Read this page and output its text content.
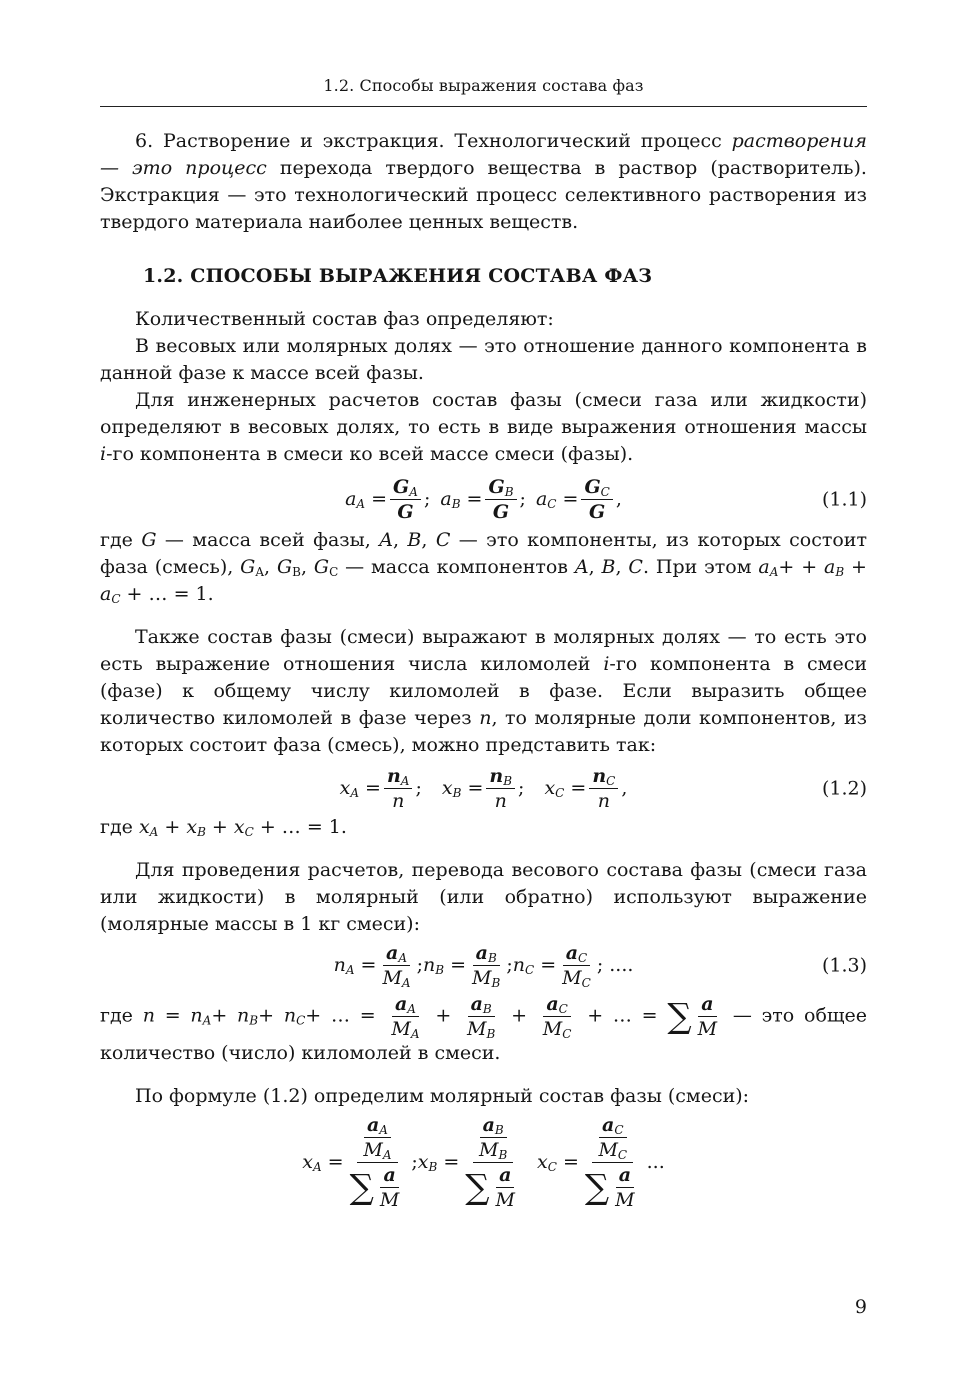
1.2. Способы выражения состава фаз

6. Растворение и экстракция. Технологический процесс растворения — это процесс перехода твердого вещества в раствор (растворитель). Экстракция — это технологический процесс селективного растворения из твердого материала наиболее ценных веществ.

1.2. СПОСОБЫ ВЫРАЖЕНИЯ СОСТАВА ФАЗ

Количественный состав фаз определяют:

В весовых или молярных долях — это отношение данного компонента в данной фазе к массе всей фазы.

Для инженерных расчетов состав фазы (смеси газа или жидкости) определяют в весовых долях, то есть в виде выражения отношения массы i-го компонента в смеси ко всей массе смеси (фазы).

$a_A = \frac{G_A}{G}$ ; $a_B = \frac{G_B}{G}$ ; $a_C = \frac{G_C}{G}$ ,	(1.1)

где G — масса всей фазы, A, B, C — это компоненты, из которых состоит фаза (смесь), $G_A$, $G_B$, $G_C$ — масса компонентов A, B, C. При этом $a_A+ + a_B + a_C$ + … = 1.

Также состав фазы (смеси) выражают в молярных долях — то есть это есть выражение отношения числа киломолей i-го компонента в смеси (фазе) к общему числу киломолей в фазе. Если выразить общее количество киломолей в фазе через n, то молярные доли компонентов, из которых состоит фаза (смесь), можно представить так:

$x_A = \frac{n_A}{n}$ ; $x_B = \frac{n_B}{n}$ ; $x_C = \frac{n_C}{n}$ ,	(1.2)

где $x_A + x_B + x_C$ + … = 1.

Для проведения расчетов, перевода весового состава фазы (смеси газа или жидкости) в молярный (или обратно) используют выражение (молярные массы в 1 кг смеси):

$n_A = \frac{a_A}{M_A}$ ; $n_B = \frac{a_B}{M_B}$ ; $n_C = \frac{a_C}{M_C}$ ; ....	(1.3)

где $n = n_A+ n_B+ n_C+$ … = $\frac{a_A}{M_A} + \frac{a_B}{M_B} + \frac{a_C}{M_C}$ + … = ∑ $\frac{a}{M}$ — это общее количество (число) киломолей в смеси.

По формуле (1.2) определим молярный состав фазы (смеси):

$x_A = \frac{\frac{a_A}{M_A}}{\sum \frac{a}{M}}$ ; $x_B = \frac{\frac{a_B}{M_B}}{\sum \frac{a}{M}} x_C = \frac{\frac{a_C}{M_C}}{\sum \frac{a}{M}}$ ...
9
